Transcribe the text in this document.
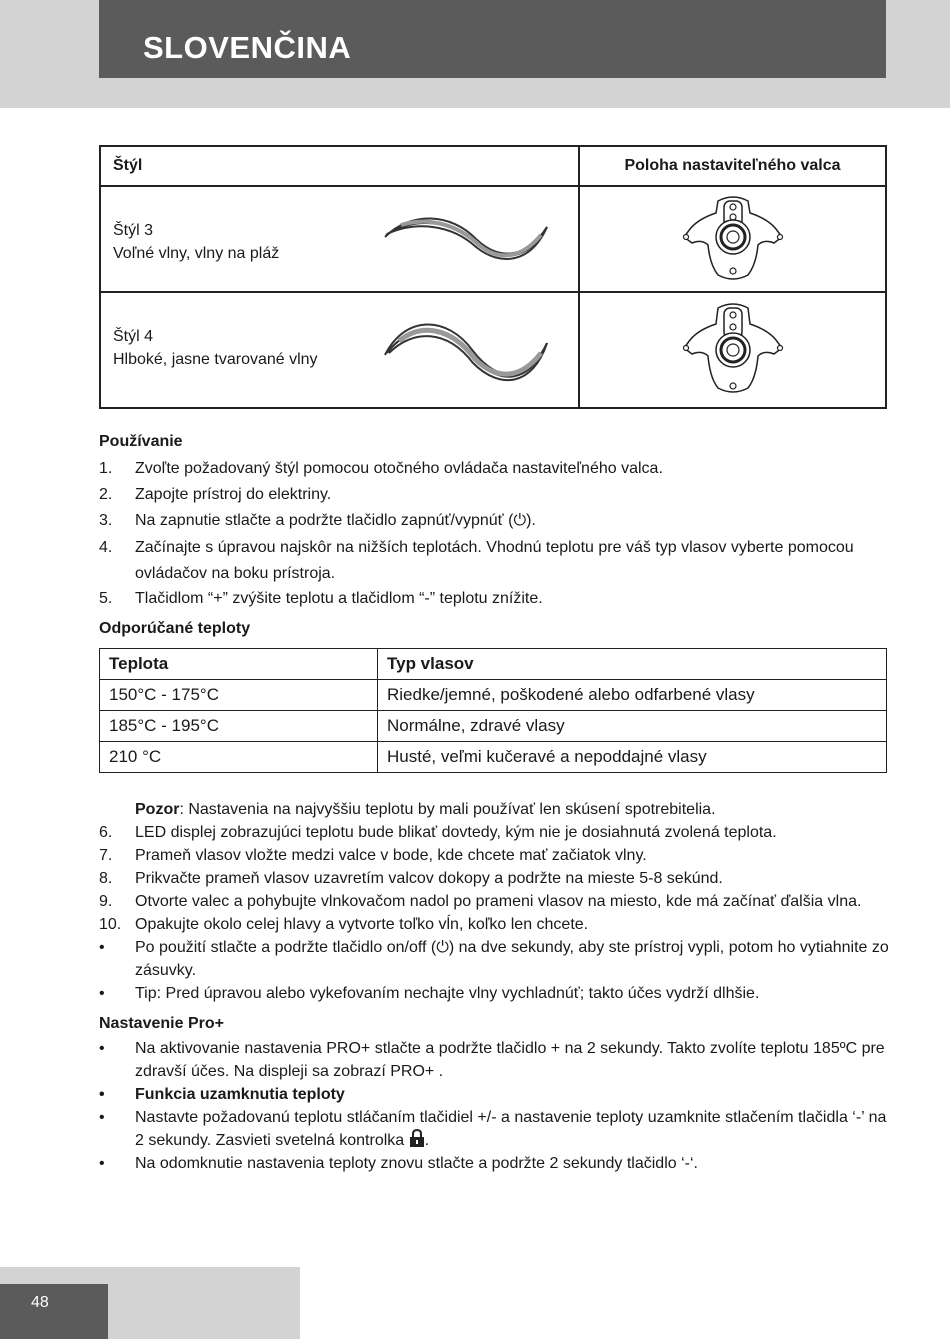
SLOVENČINA
Štýl	Poloha nastaviteľného valca

Štýl 3
Voľné vlny, vlny na pláž

Štýl 4
Hlboké, jasne tvarované vlny

Používanie
1. Zvoľte požadovaný štýl pomocou otočného ovládača nastaviteľného valca.
2. Zapojte prístroj do elektriny.
3. Na zapnutie stlačte a podržte tlačidlo zapnúť/vypnúť (⏻).
4. Začínajte s úpravou najskôr na nižších teplotách. Vhodnú teplotu pre váš typ vlasov vyberte pomocou ovládačov na boku prístroja.
5. Tlačidlom “+” zvýšite teplotu a tlačidlom “-” teplotu znížite.
Odporúčané teploty
Teplota	Typ vlasov
150°C - 175°C	Riedke/jemné, poškodené alebo odfarbené vlasy
185°C - 195°C	Normálne, zdravé vlasy
210 °C	Husté, veľmi kučeravé a nepoddajné vlasy
Pozor: Nastavenia na najvyššiu teplotu by mali používať len skúsení spotrebitelia.
6. LED displej zobrazujúci teplotu bude blikať dovtedy, kým nie je dosiahnutá zvolená teplota.
7. Prameň vlasov vložte medzi valce v bode, kde chcete mať začiatok vlny.
8. Prikvačte prameň vlasov uzavretím valcov dokopy a podržte na mieste 5-8 sekúnd.
9. Otvorte valec a pohybujte vlnkovačom nadol po prameni vlasov na miesto, kde má začínať ďalšia vlna.
10. Opakujte okolo celej hlavy a vytvorte toľko vĺn, koľko len chcete.
• Po použití stlačte a podržte tlačidlo on/off (⏻) na dve sekundy, aby ste prístroj vypli, potom ho vytiahnite zo zásuvky.
• Tip: Pred úpravou alebo vykefovaním nechajte vlny vychladnúť; takto účes vydrží dlhšie.
Nastavenie Pro+
• Na aktivovanie nastavenia PRO+ stlačte a podržte tlačidlo + na 2 sekundy. Takto zvolíte teplotu 185ºC pre zdravší účes. Na displeji sa zobrazí PRO+ .
• Funkcia uzamknutia teploty
• Nastavte požadovanú teplotu stláčaním tlačidiel +/- a nastavenie teploty uzamknite stlačením tlačidla ‘-’ na 2 sekundy. Zasvieti svetelná kontrolka .
• Na odomknutie nastavenia teploty znovu stlačte a podržte 2 sekundy tlačidlo ‘-‘.
48
